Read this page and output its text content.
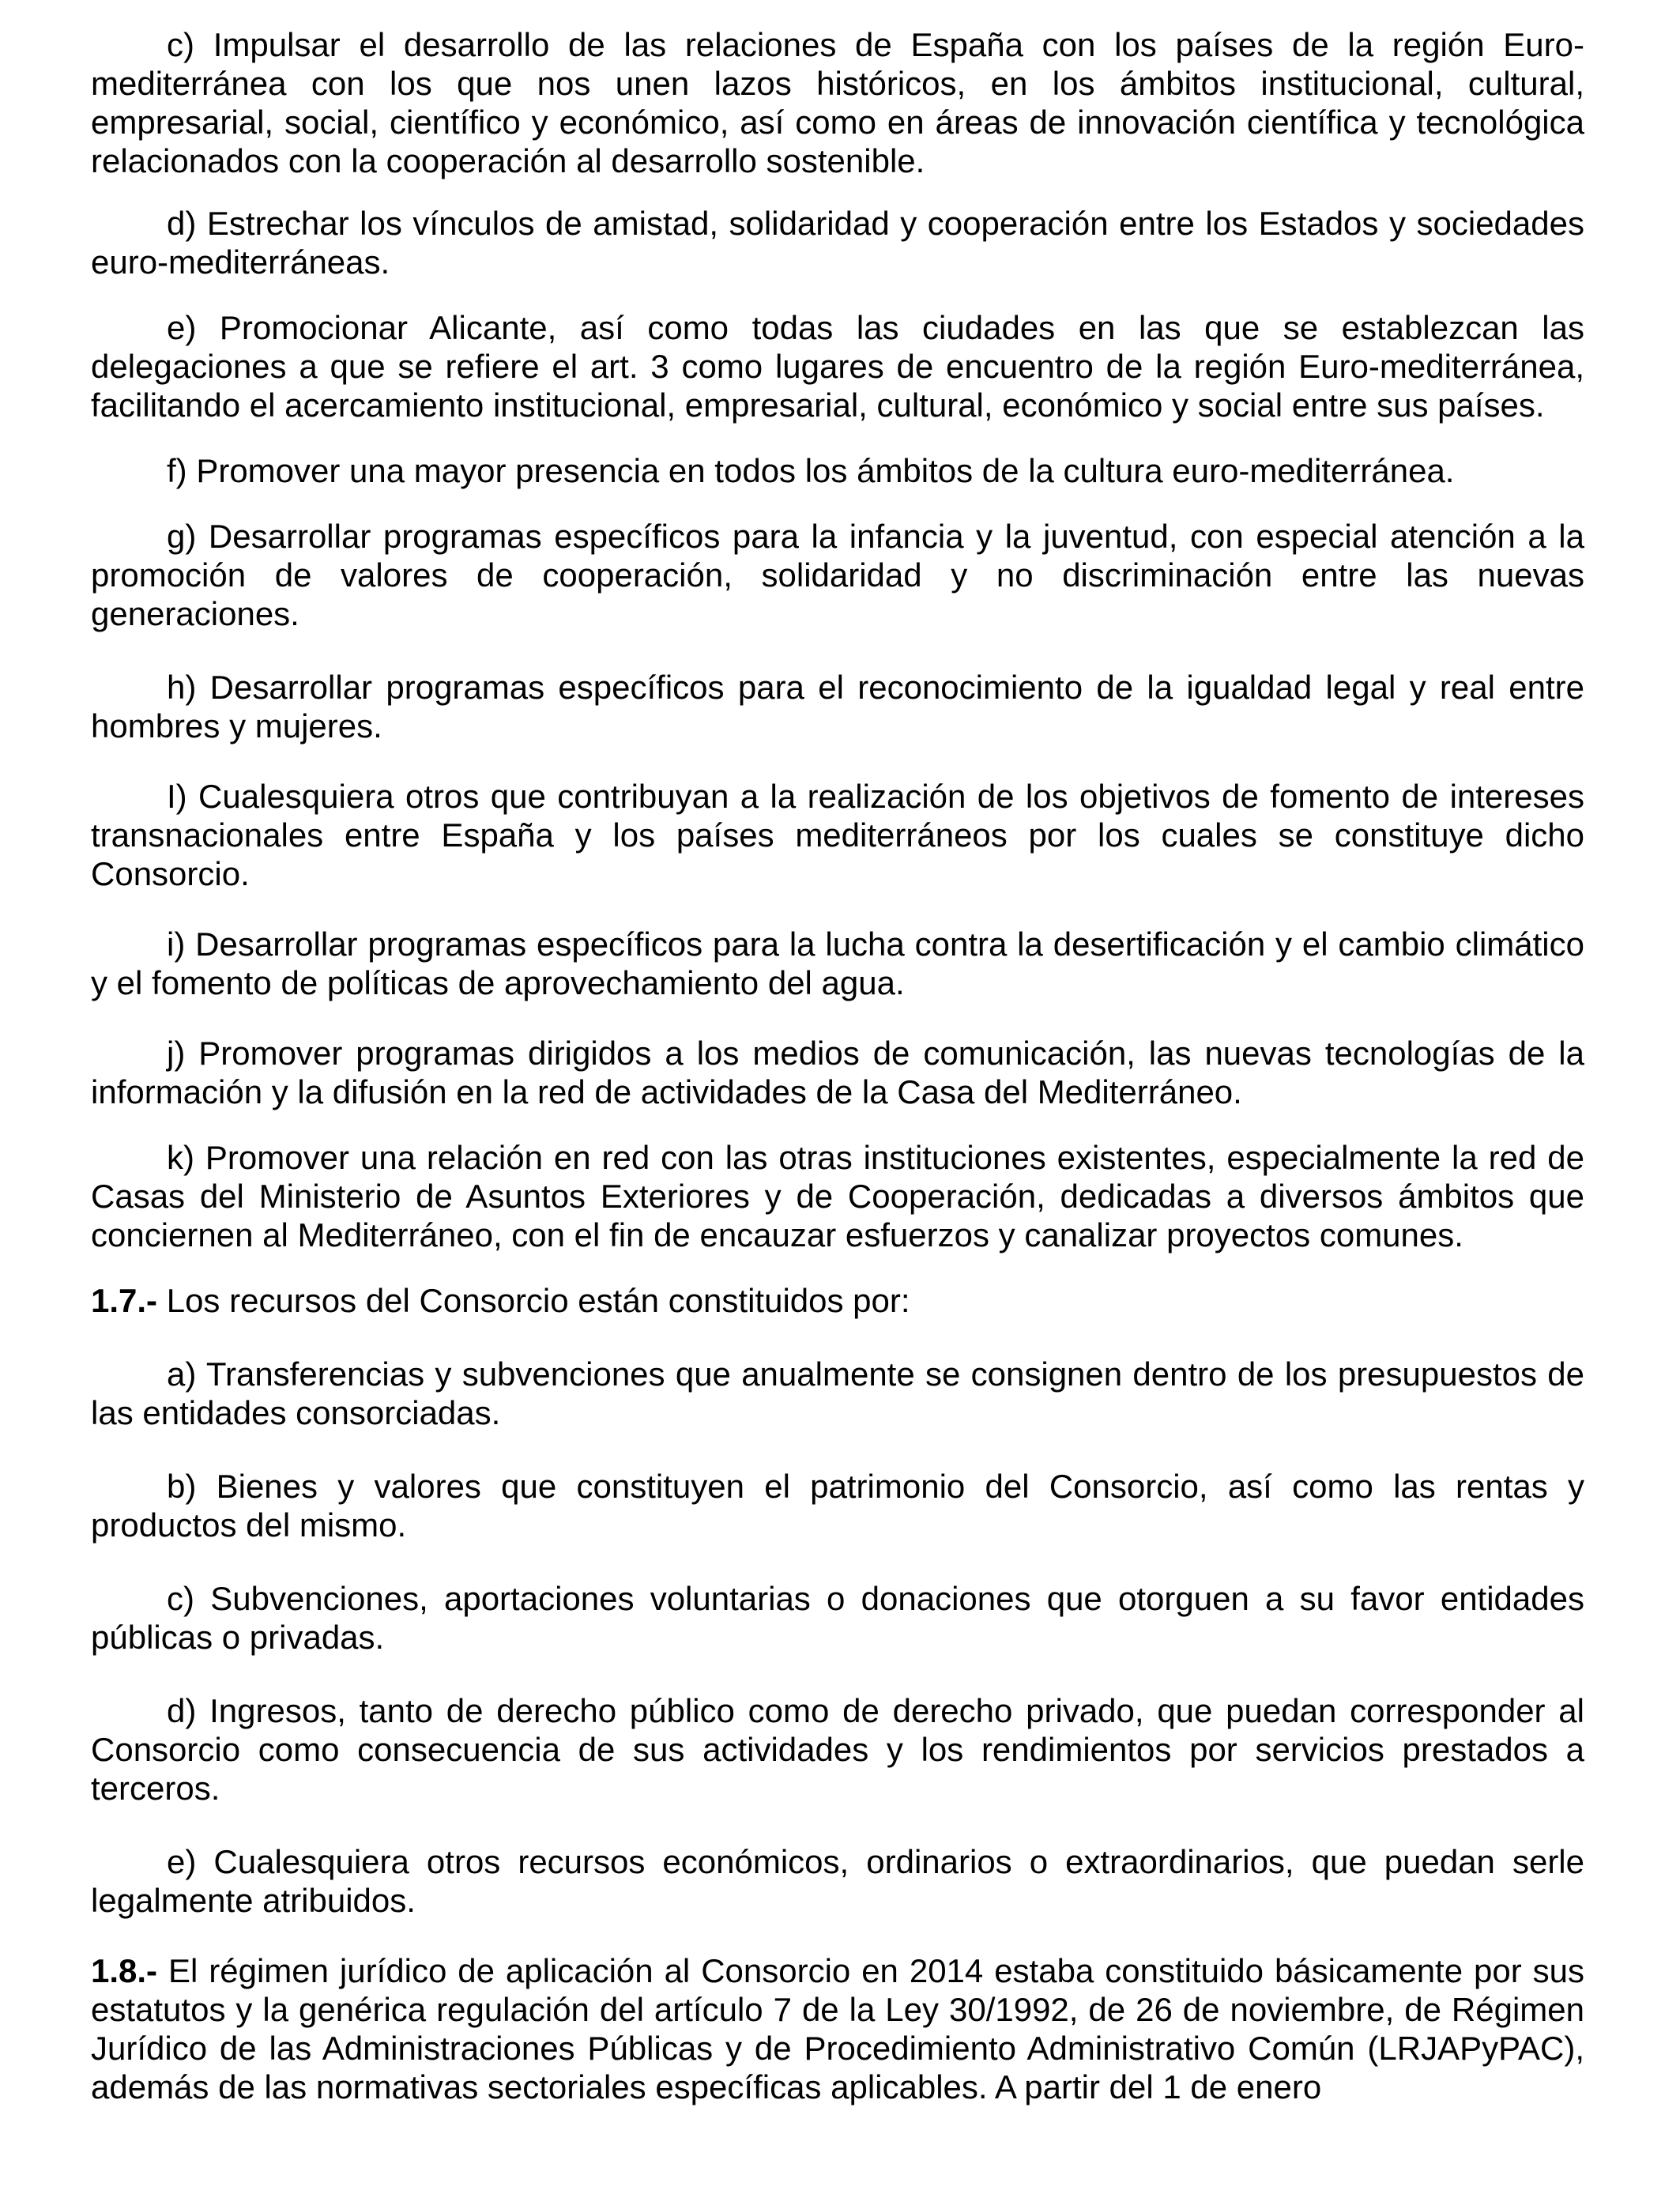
c) Impulsar el desarrollo de las relaciones de España con los países de la región Euro-mediterránea con los que nos unen lazos históricos, en los ámbitos institucional, cultural, empresarial, social, científico y económico, así como en áreas de innovación científica y tecnológica relacionados con la cooperación al desarrollo sostenible.

d) Estrechar los vínculos de amistad, solidaridad y cooperación entre los Estados y sociedades euro-mediterráneas.

e) Promocionar Alicante, así como todas las ciudades en las que se establezcan las delegaciones a que se refiere el art. 3 como lugares de encuentro de la región Euro-mediterránea, facilitando el acercamiento institucional, empresarial, cultural, económico y social entre sus países.

f) Promover una mayor presencia en todos los ámbitos de la cultura euro-mediterránea.

g) Desarrollar programas específicos para la infancia y la juventud, con especial atención a la promoción de valores de cooperación, solidaridad y no discriminación entre las nuevas generaciones.

h) Desarrollar programas específicos para el reconocimiento de la igualdad legal y real entre hombres y mujeres.

I) Cualesquiera otros que contribuyan a la realización de los objetivos de fomento de intereses transnacionales entre España y los países mediterráneos por los cuales se constituye dicho Consorcio.

i) Desarrollar programas específicos para la lucha contra la desertificación y el cambio climático y el fomento de políticas de aprovechamiento del agua.

j) Promover programas dirigidos a los medios de comunicación, las nuevas tecnologías de la información y la difusión en la red de actividades de la Casa del Mediterráneo.

k) Promover una relación en red con las otras instituciones existentes, especialmente la red de Casas del Ministerio de Asuntos Exteriores y de Cooperación, dedicadas a diversos ámbitos que conciernen al Mediterráneo, con el fin de encauzar esfuerzos y canalizar proyectos comunes.

1.7.- Los recursos del Consorcio están constituidos por:

a) Transferencias y subvenciones que anualmente se consignen dentro de los presupuestos de las entidades consorciadas.

b) Bienes y valores que constituyen el patrimonio del Consorcio, así como las rentas y productos del mismo.

c) Subvenciones, aportaciones voluntarias o donaciones que otorguen a su favor entidades públicas o privadas.

d) Ingresos, tanto de derecho público como de derecho privado, que puedan corresponder al Consorcio como consecuencia de sus actividades y los rendimientos por servicios prestados a terceros.

e) Cualesquiera otros recursos económicos, ordinarios o extraordinarios, que puedan serle legalmente atribuidos.

1.8.- El régimen jurídico de aplicación al Consorcio en 2014 estaba constituido básicamente por sus estatutos y la genérica regulación del artículo 7 de la Ley 30/1992, de 26 de noviembre, de Régimen Jurídico de las Administraciones Públicas y de Procedimiento Administrativo Común (LRJAPyPAC), además de las normativas sectoriales específicas aplicables. A partir del 1 de enero
